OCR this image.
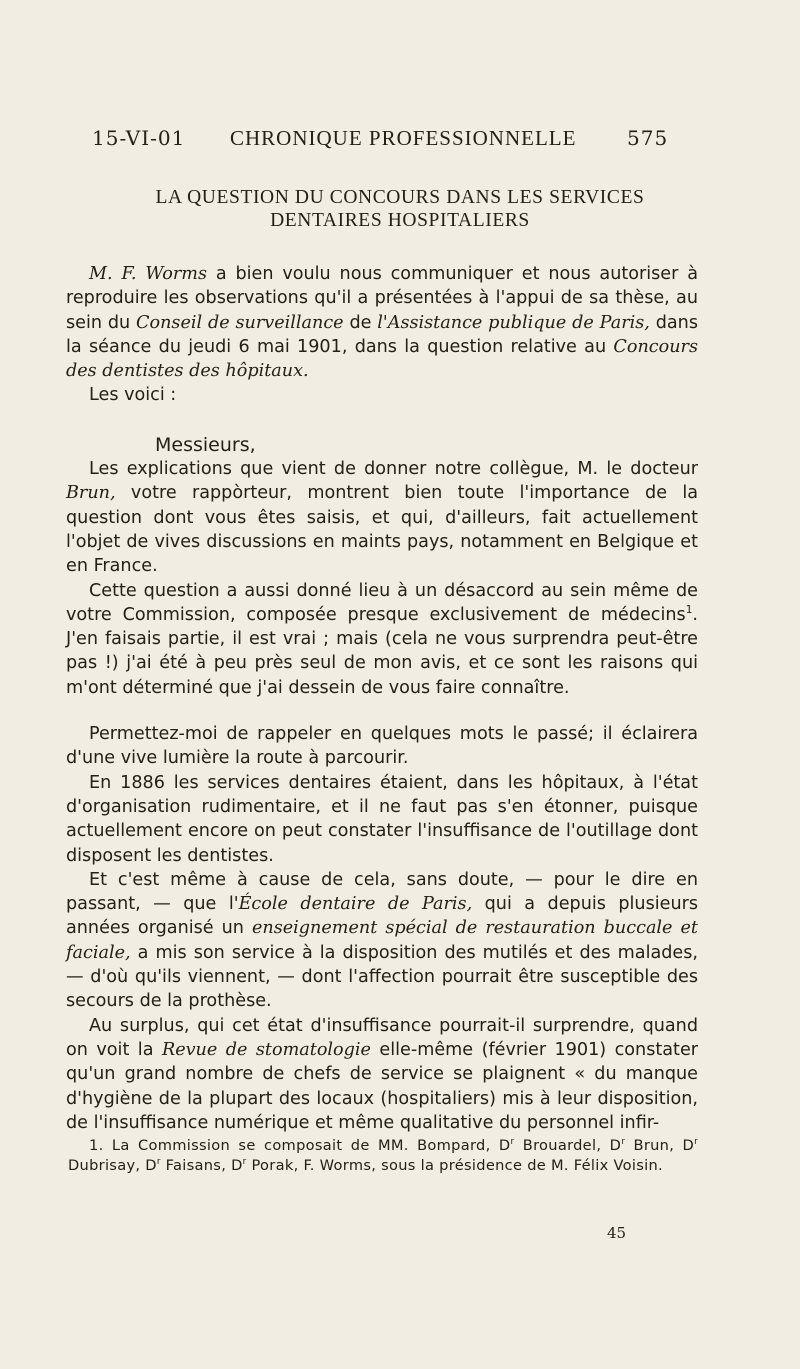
15-VI-01 CHRONIQUE PROFESSIONNELLE	575
LA QUESTION DU CONCOURS DANS LES SERVICES
DENTAIRES HOSPITALIERS

M. F. Worms a bien voulu nous communiquer et nous autoriser à reproduire les observations qu'il a présentées à l'appui de sa thèse, au sein du Conseil de surveillance de l'Assistance publique de Paris, dans la séance du jeudi 6 mai 1901, dans la question relative au Concours des dentistes des hôpitaux.

Les voici :

Messieurs,

Les explications que vient de donner notre collègue, M. le docteur Brun, votre rappòrteur, montrent bien toute l'importance de la question dont vous êtes saisis, et qui, d'ailleurs, fait actuellement l'objet de vives discussions en maints pays, notamment en Belgique et en France.

Cette question a aussi donné lieu à un désaccord au sein même de votre Commission, composée presque exclusivement de médecins$^1$. J'en faisais partie, il est vrai ; mais (cela ne vous surprendra peut-être pas !) j'ai été à peu près seul de mon avis, et ce sont les raisons qui m'ont déterminé que j'ai dessein de vous faire connaître.

Permettez-moi de rappeler en quelques mots le passé; il éclairera d'une vive lumière la route à parcourir.

En 1886 les services dentaires étaient, dans les hôpitaux, à l'état d'organisation rudimentaire, et il ne faut pas s'en étonner, puisque actuellement encore on peut constater l'insuffisance de l'outillage dont disposent les dentistes.

Et c'est même à cause de cela, sans doute, — pour le dire en passant, — que l'École dentaire de Paris, qui a depuis plusieurs années organisé un enseignement spécial de restauration buccale et faciale, a mis son service à la disposition des mutilés et des malades, — d'où qu'ils viennent, — dont l'affection pourrait être susceptible des secours de la prothèse.

Au surplus, qui cet état d'insuffisance pourrait-il surprendre, quand on voit la Revue de stomatologie elle-même (février 1901) constater qu'un grand nombre de chefs de service se plaignent « du manque d'hygiène de la plupart des locaux (hospitaliers) mis à leur disposition, de l'insuffisance numérique et même qualitative du personnel infir-

1. La Commission se composait de MM. Bompard, $D^r$ Brouardel, $D^r$ Brun, $D^r$ Dubrisay, $D^r$ Faisans, $D^r$ Porak, F. Worms, sous la présidence de M. Félix Voisin.

45
